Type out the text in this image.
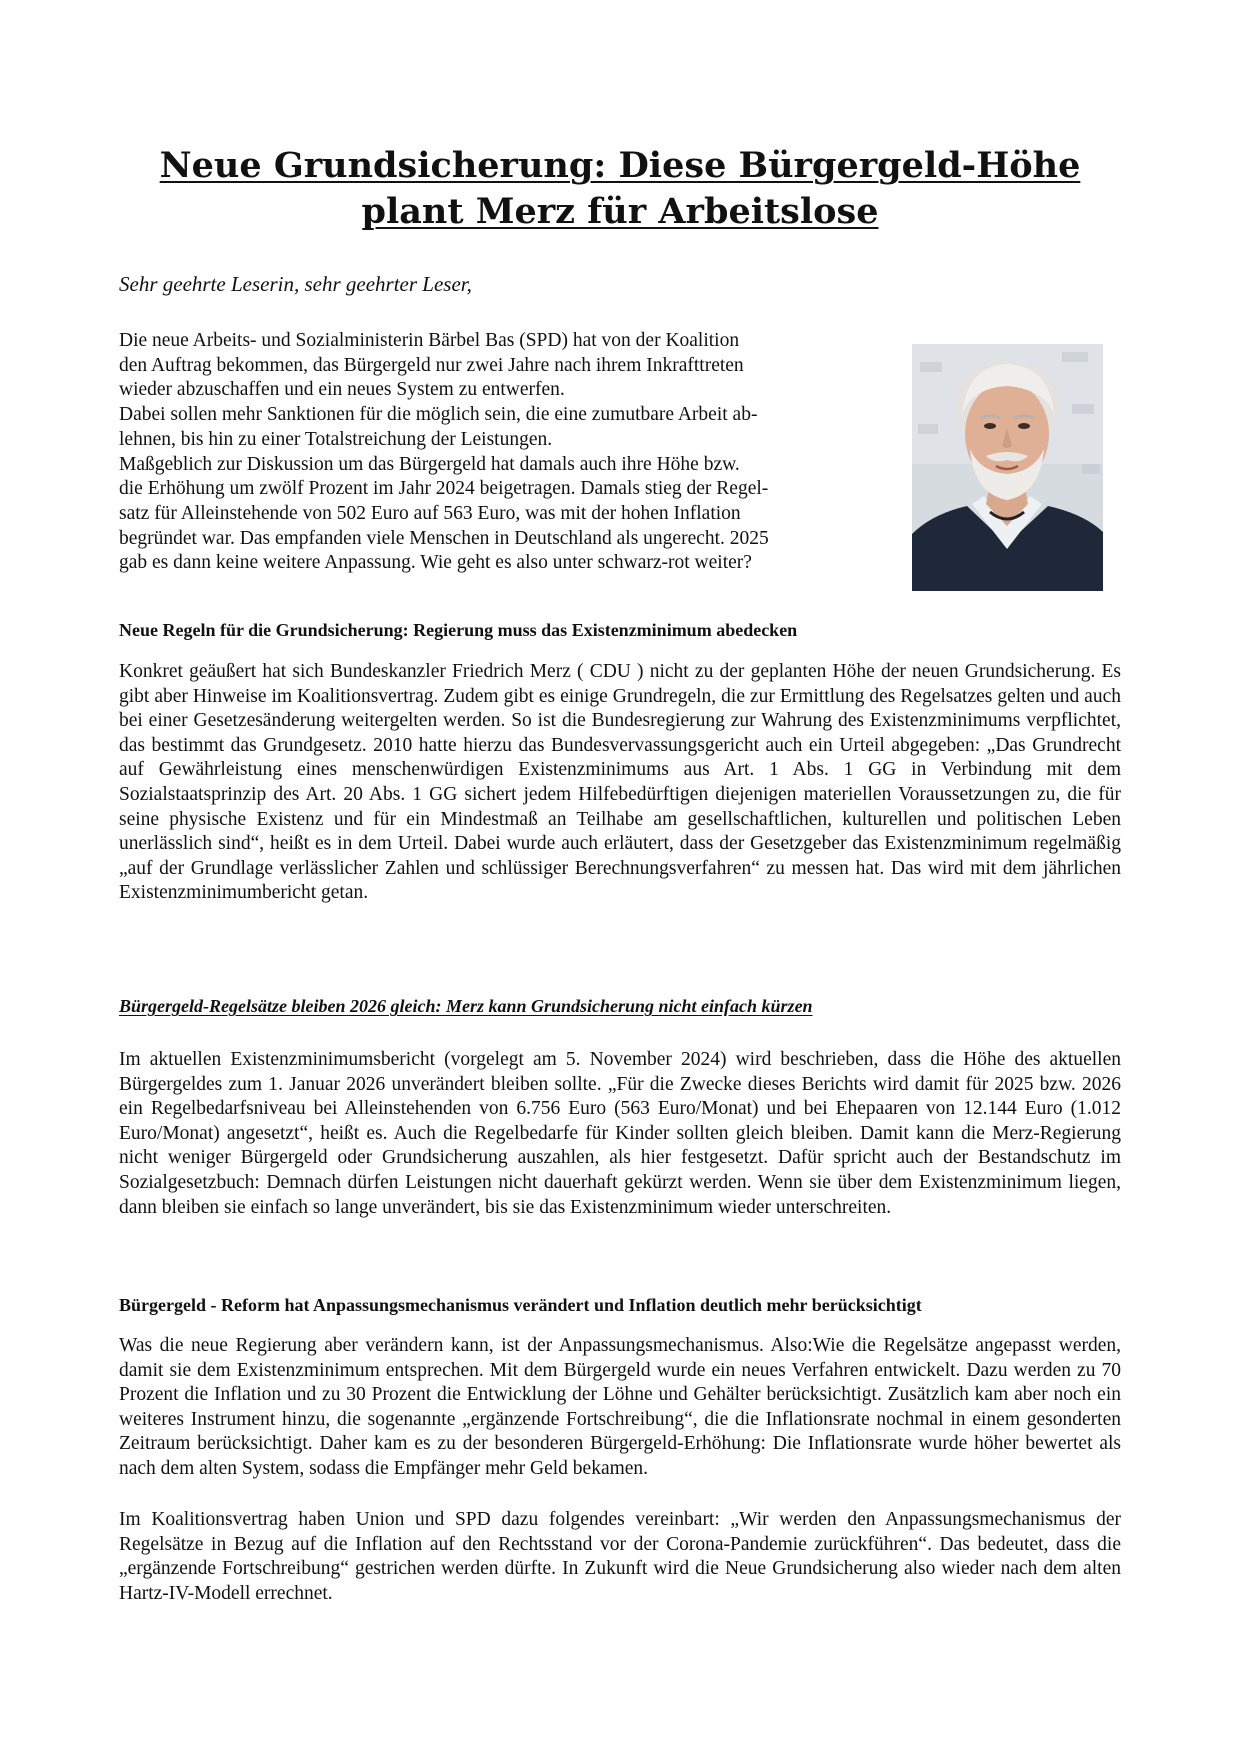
Neue Grundsicherung: Diese Bürgergeld-Höhe
plant Merz für Arbeitslose

Sehr geehrte Leserin, sehr geehrter Leser,

Die neue Arbeits- und Sozialministerin Bärbel Bas (SPD) hat von der Koalition
den Auftrag bekommen, das Bürgergeld nur zwei Jahre nach ihrem Inkrafttreten
wieder abzuschaffen und ein neues System zu entwerfen.
Dabei sollen mehr Sanktionen für die möglich sein, die eine zumutbare Arbeit ab-
lehnen, bis hin zu einer Totalstreichung der Leistungen.
Maßgeblich zur Diskussion um das Bürgergeld hat damals auch ihre Höhe bzw.
die Erhöhung um zwölf Prozent im Jahr 2024 beigetragen. Damals stieg der Regel-
satz für Alleinstehende von 502 Euro auf 563 Euro, was mit der hohen Inflation
begründet war. Das empfanden viele Menschen in Deutschland als ungerecht. 2025
gab es dann keine weitere Anpassung. Wie geht es also unter schwarz-rot weiter?

Neue Regeln für die Grundsicherung: Regierung muss das Existenzminimum abedecken

Konkret geäußert hat sich Bundeskanzler Friedrich Merz ( CDU ) nicht zu der geplanten Höhe der neuen Grundsicherung. Es gibt aber Hinweise im Koalitionsvertrag. Zudem gibt es einige Grundregeln, die zur Ermittlung des Regelsatzes gelten und auch bei einer Gesetzesänderung weitergelten werden. So ist die Bundesregierung zur Wahrung des Existenzminimums verpflichtet, das bestimmt das Grundgesetz. 2010 hatte hierzu das Bundesvervassungsgericht auch ein Urteil abgegeben: „Das Grundrecht auf Gewährleistung eines menschenwürdigen Existenzminimums aus Art. 1 Abs. 1 GG in Verbindung mit dem Sozialstaatsprinzip des Art. 20 Abs. 1 GG sichert jedem Hilfebedürftigen diejenigen materiellen Voraussetzungen zu, die für seine physische Existenz und für ein Mindestmaß an Teilhabe am gesellschaftlichen, kulturellen und politischen Leben unerlässlich sind“, heißt es in dem Urteil. Dabei wurde auch erläutert, dass der Gesetzgeber das Existenzminimum regelmäßig „auf der Grundlage verlässlicher Zahlen und schlüssiger Berechnungsverfahren“ zu messen hat. Das wird mit dem jährlichen Existenzminimumbericht getan.

Bürgergeld-Regelsätze bleiben 2026 gleich: Merz kann Grundsicherung nicht einfach kürzen

Im aktuellen Existenzminimumsbericht (vorgelegt am 5. November 2024) wird beschrieben, dass die Höhe des aktuellen Bürgergeldes zum 1. Januar 2026 unverändert bleiben sollte. „Für die Zwecke dieses Berichts wird damit für 2025 bzw. 2026 ein Regelbedarfsniveau bei Alleinstehenden von 6.756 Euro (563 Euro/Monat) und bei Ehepaaren von 12.144 Euro (1.012 Euro/Monat) angesetzt“, heißt es. Auch die Regelbedarfe für Kinder sollten gleich bleiben. Damit kann die Merz-Regierung nicht weniger Bürgergeld oder Grundsicherung auszahlen, als hier festgesetzt. Dafür spricht auch der Bestandschutz im Sozialgesetzbuch: Demnach dürfen Leistungen nicht dauerhaft gekürzt werden. Wenn sie über dem Existenzminimum liegen, dann bleiben sie einfach so lange unverändert, bis sie das Existenzminimum wieder unterschreiten.

Bürgergeld - Reform hat Anpassungsmechanismus verändert und Inflation deutlich mehr berücksichtigt

Was die neue Regierung aber verändern kann, ist der Anpassungsmechanismus. Also:Wie die Regelsätze angepasst werden, damit sie dem Existenzminimum entsprechen. Mit dem Bürgergeld wurde ein neues Verfahren entwickelt. Dazu werden zu 70 Prozent die Inflation und zu 30 Prozent die Entwicklung der Löhne und Gehälter berücksichtigt. Zusätzlich kam aber noch ein weiteres Instrument hinzu, die sogenannte „ergänzende Fortschreibung“, die die Inflationsrate nochmal in einem gesonderten Zeitraum berücksichtigt. Daher kam es zu der besonderen Bürgergeld-Erhöhung: Die Inflationsrate wurde höher bewertet als nach dem alten System, sodass die Empfänger mehr Geld bekamen.

Im Koalitionsvertrag haben Union und SPD dazu folgendes vereinbart: „Wir werden den Anpassungsmechanismus der Regelsätze in Bezug auf die Inflation auf den Rechtsstand vor der Corona-Pandemie zurückführen“. Das bedeutet, dass die „ergänzende Fortschreibung“ gestrichen werden dürfte. In Zukunft wird die Neue Grundsicherung also wieder nach dem alten Hartz-IV-Modell errechnet.
